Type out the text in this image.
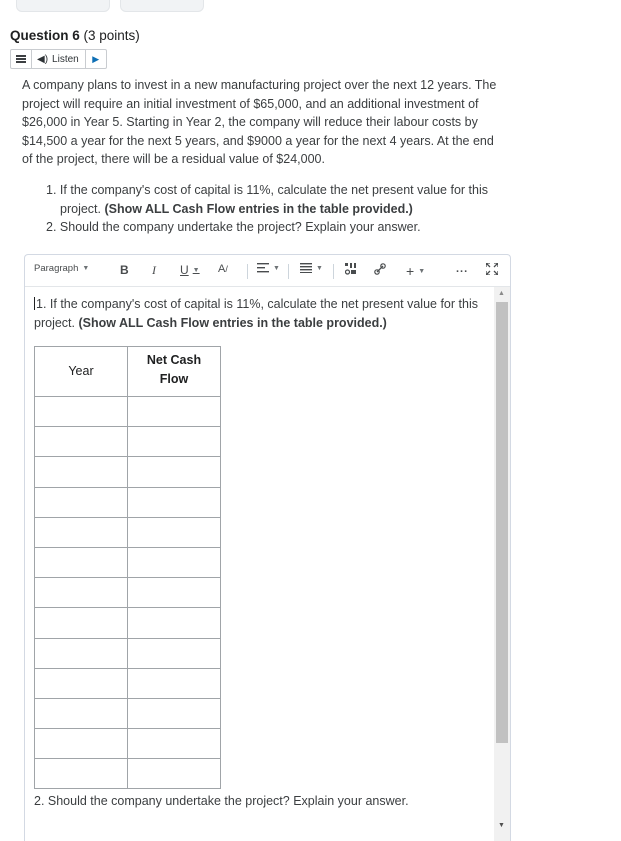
Question 6 (3 points)
◀) Listen	▶
A company plans to invest in a new manufacturing project over the next 12 years. The project will require an initial investment of $65,000, and an additional investment of $26,000 in Year 5. Starting in Year 2, the company will reduce their labour costs by $14,500 a year for the next 5 years, and $9000 a year for the next 4 years. At the end of the project, there will be a residual value of $24,000.
1. If the company's cost of capital is 11%, calculate the net present value for this project. (Show ALL Cash Flow entries in the table provided.)
2. Should the company undertake the project? Explain your answer.
Paragraph ▼	B I U ▼ A /	▼	▼	+ ▼	...
1. If the company's cost of capital is 11%, calculate the net present value for this project. (Show ALL Cash Flow entries in the table provided.)
Year	Net Cash
Flow

2. Should the company undertake the project? Explain your answer.
▲
▼
